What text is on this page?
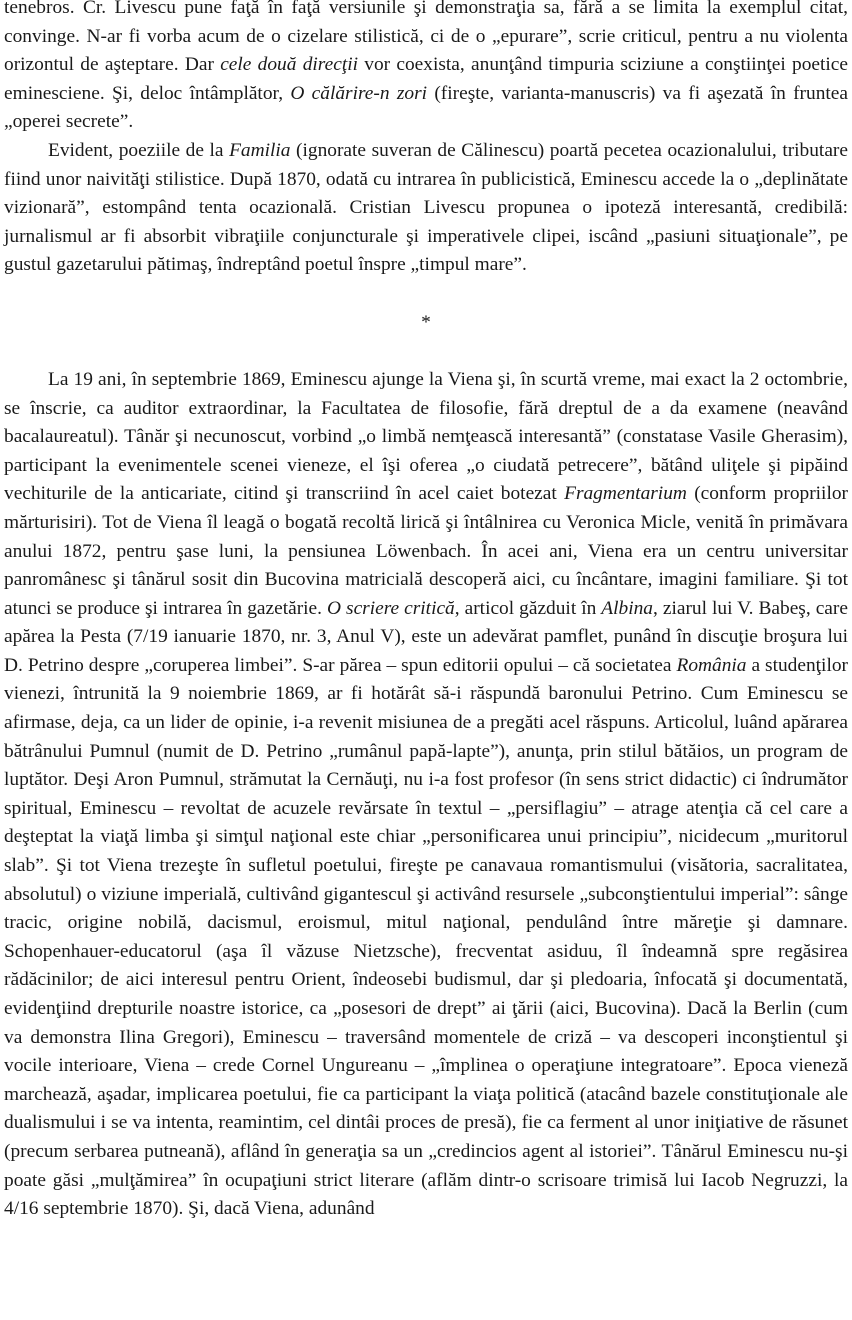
tenebros. Cr. Livescu pune faţă în faţă versiunile şi demonstraţia sa, fără a se limita la exemplul citat, convinge. N-ar fi vorba acum de o cizelare stilistică, ci de o „epurare”, scrie criticul, pentru a nu violenta orizontul de aşteptare. Dar cele două direcţii vor coexista, anunţând timpuria sciziune a conştiinţei poetice eminesciene. Şi, deloc întâmplător, O călărire-n zori (fireşte, varianta-manuscris) va fi aşezată în fruntea „operei secrete”.

Evident, poeziile de la Familia (ignorate suveran de Călinescu) poartă pecetea ocazionalului, tributare fiind unor naivităţi stilistice. După 1870, odată cu intrarea în publicistică, Eminescu accede la o „deplinătate vizionară”, estompând tenta ocazională. Cristian Livescu propunea o ipoteză interesantă, credibilă: jurnalismul ar fi absorbit vibraţiile conjuncturale şi imperativele clipei, iscând „pasiuni situaţionale”, pe gustul gazetarului pătimaş, îndreptând poetul înspre „timpul mare”.

*

La 19 ani, în septembrie 1869, Eminescu ajunge la Viena şi, în scurtă vreme, mai exact la 2 octombrie, se înscrie, ca auditor extraordinar, la Facultatea de filosofie, fără dreptul de a da examene (neavând bacalaureatul). Tânăr şi necunoscut, vorbind „o limbă nemţească interesantă” (constatase Vasile Gherasim), participant la evenimentele scenei vieneze, el îşi oferea „o ciudată petrecere”, bătând uliţele şi pipăind vechiturile de la anticariate, citind şi transcriind în acel caiet botezat Fragmentarium (conform propriilor mărturisiri). Tot de Viena îl leagă o bogată recoltă lirică şi întâlnirea cu Veronica Micle, venită în primăvara anului 1872, pentru şase luni, la pensiunea Löwenbach. În acei ani, Viena era un centru universitar panromânesc şi tânărul sosit din Bucovina matricială descoperă aici, cu încântare, imagini familiare. Şi tot atunci se produce şi intrarea în gazetărie. O scriere critică, articol găzduit în Albina, ziarul lui V. Babeş, care apărea la Pesta (7/19 ianuarie 1870, nr. 3, Anul V), este un adevărat pamflet, punând în discuţie broşura lui D. Petrino despre „coruperea limbei”. S-ar părea – spun editorii opului – că societatea România a studenţilor vienezi, întrunită la 9 noiembrie 1869, ar fi hotărât să-i răspundă baronului Petrino. Cum Eminescu se afirmase, deja, ca un lider de opinie, i-a revenit misiunea de a pregăti acel răspuns. Articolul, luând apărarea bătrânului Pumnul (numit de D. Petrino „rumânul papă-lapte”), anunţa, prin stilul bătăios, un program de luptător. Deşi Aron Pumnul, strămutat la Cernăuţi, nu i-a fost profesor (în sens strict didactic) ci îndrumător spiritual, Eminescu – revoltat de acuzele revărsate în textul – „persiflagiu” – atrage atenţia că cel care a deşteptat la viaţă limba şi simţul naţional este chiar „personificarea unui principiu”, nicidecum „muritorul slab”. Şi tot Viena trezeşte în sufletul poetului, fireşte pe canavaua romantismului (visătoria, sacralitatea, absolutul) o viziune imperială, cultivând gigantescul şi activând resursele „subconştientului imperial”: sânge tracic, origine nobilă, dacismul, eroismul, mitul naţional, pendulând între măreţie şi damnare. Schopenhauer-educatorul (aşa îl văzuse Nietzsche), frecventat asiduu, îl îndeamnă spre regăsirea rădăcinilor; de aici interesul pentru Orient, îndeosebi budismul, dar şi pledoaria, înfocată şi documentată, evidenţiind drepturile noastre istorice, ca „posesori de drept” ai ţării (aici, Bucovina). Dacă la Berlin (cum va demonstra Ilina Gregori), Eminescu – traversând momentele de criză – va descoperi inconştientul şi vocile interioare, Viena – crede Cornel Ungureanu – „împlinea o operaţiune integratoare”. Epoca vieneză marchează, aşadar, implicarea poetului, fie ca participant la viaţa politică (atacând bazele constituţionale ale dualismului i se va intenta, reamintim, cel dintâi proces de presă), fie ca ferment al unor iniţiative de răsunet (precum serbarea putneană), aflând în generaţia sa un „credincios agent al istoriei”. Tânărul Eminescu nu-şi poate găsi „mulţămirea” în ocupaţiuni strict literare (aflăm dintr-o scrisoare trimisă lui Iacob Negruzzi, la 4/16 septembrie 1870). Şi, dacă Viena, adunând
